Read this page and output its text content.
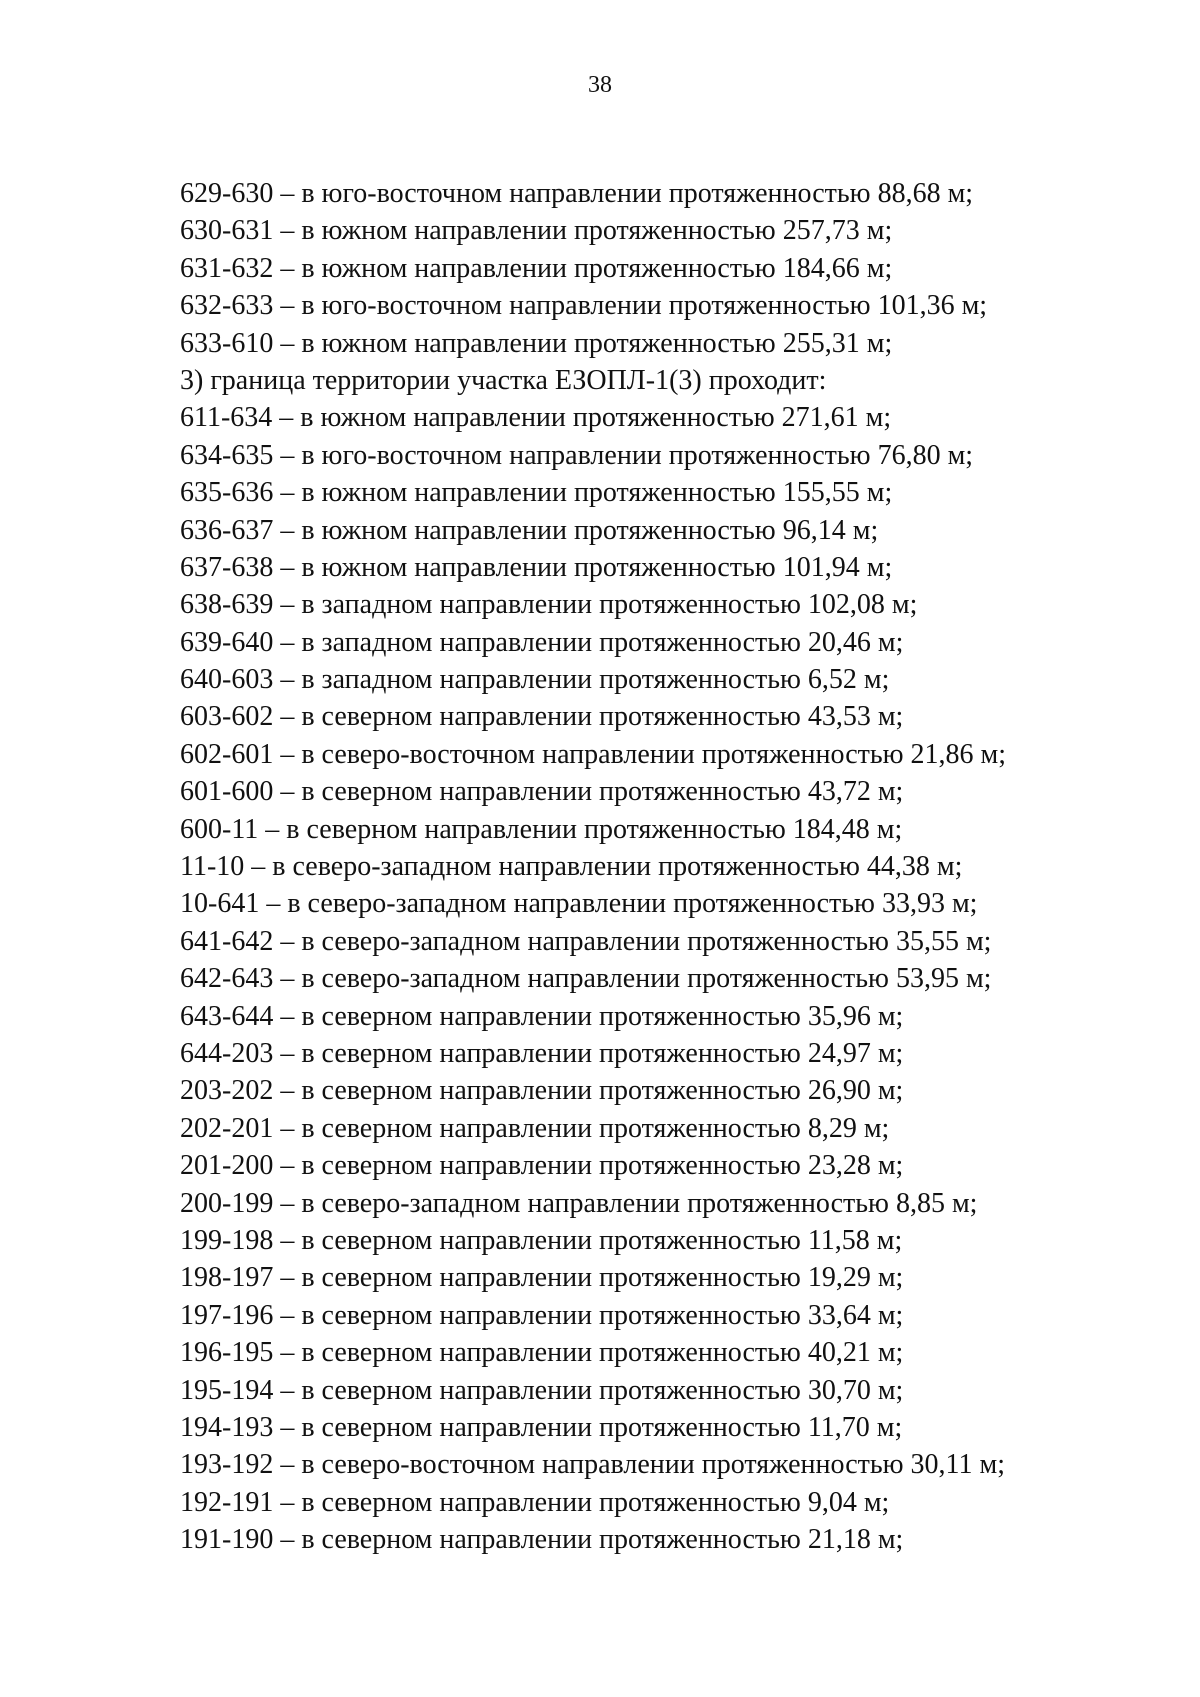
38
629-630 – в юго-восточном направлении протяженностью 88,68 м;
630-631 – в южном направлении протяженностью 257,73 м;
631-632 – в южном направлении протяженностью 184,66 м;
632-633 – в юго-восточном направлении протяженностью 101,36 м;
633-610 – в южном направлении протяженностью 255,31 м;
3) граница территории участка ЕЗОПЛ-1(3) проходит:
611-634 – в южном направлении протяженностью 271,61 м;
634-635 – в юго-восточном направлении протяженностью 76,80 м;
635-636 – в южном направлении протяженностью 155,55 м;
636-637 – в южном направлении протяженностью 96,14 м;
637-638 – в южном направлении протяженностью 101,94 м;
638-639 – в западном направлении протяженностью 102,08 м;
639-640 – в западном направлении протяженностью 20,46 м;
640-603 – в западном направлении протяженностью 6,52 м;
603-602 – в северном направлении протяженностью 43,53 м;
602-601 – в северо-восточном направлении протяженностью 21,86 м;
601-600 – в северном направлении протяженностью 43,72 м;
600-11 – в северном направлении протяженностью 184,48 м;
11-10 – в северо-западном направлении протяженностью 44,38 м;
10-641 – в северо-западном направлении протяженностью 33,93 м;
641-642 – в северо-западном направлении протяженностью 35,55 м;
642-643 – в северо-западном направлении протяженностью 53,95 м;
643-644 – в северном направлении протяженностью 35,96 м;
644-203 – в северном направлении протяженностью 24,97 м;
203-202 – в северном направлении протяженностью 26,90 м;
202-201 – в северном направлении протяженностью 8,29 м;
201-200 – в северном направлении протяженностью 23,28 м;
200-199 – в северо-западном направлении протяженностью 8,85 м;
199-198 – в северном направлении протяженностью 11,58 м;
198-197 – в северном направлении протяженностью 19,29 м;
197-196 – в северном направлении протяженностью 33,64 м;
196-195 – в северном направлении протяженностью 40,21 м;
195-194 – в северном направлении протяженностью 30,70 м;
194-193 – в северном направлении протяженностью 11,70 м;
193-192 – в северо-восточном направлении протяженностью 30,11 м;
192-191 – в северном направлении протяженностью 9,04 м;
191-190 – в северном направлении протяженностью 21,18 м;
